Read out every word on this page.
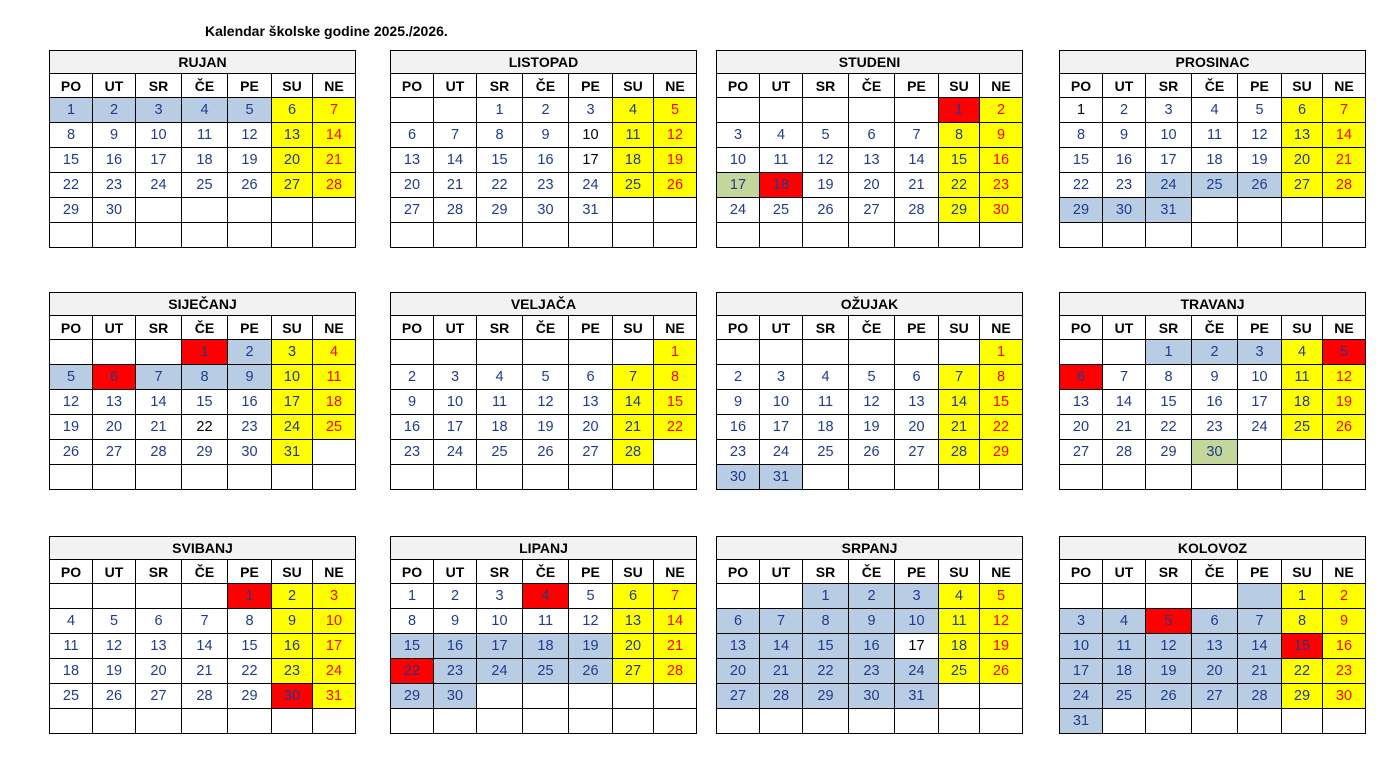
Kalendar školske godine 2025./2026.
RUJAN						
PO	UT	SR	ČE	PE	SU	NE
1	2	3	4	5	6	7
8	9	10	11	12	13	14
15	16	17	18	19	20	21
22	23	24	25	26	27	28
29	30					

LISTOPAD						
PO	UT	SR	ČE	PE	SU	NE
		1	2	3	4	5
6	7	8	9	10	11	12
13	14	15	16	17	18	19
20	21	22	23	24	25	26
27	28	29	30	31		

STUDENI						
PO	UT	SR	ČE	PE	SU	NE
					1	2
3	4	5	6	7	8	9
10	11	12	13	14	15	16
17	18	19	20	21	22	23
24	25	26	27	28	29	30

PROSINAC						
PO	UT	SR	ČE	PE	SU	NE
1	2	3	4	5	6	7
8	9	10	11	12	13	14
15	16	17	18	19	20	21
22	23	24	25	26	27	28
29	30	31				

SIJEČANJ						
PO	UT	SR	ČE	PE	SU	NE
			1	2	3	4
5	6	7	8	9	10	11
12	13	14	15	16	17	18
19	20	21	22	23	24	25
26	27	28	29	30	31	

VELJAČA						
PO	UT	SR	ČE	PE	SU	NE
						1
2	3	4	5	6	7	8
9	10	11	12	13	14	15
16	17	18	19	20	21	22
23	24	25	26	27	28	

OŽUJAK						
PO	UT	SR	ČE	PE	SU	NE
						1
2	3	4	5	6	7	8
9	10	11	12	13	14	15
16	17	18	19	20	21	22
23	24	25	26	27	28	29
30	31					
TRAVANJ						
PO	UT	SR	ČE	PE	SU	NE
		1	2	3	4	5
6	7	8	9	10	11	12
13	14	15	16	17	18	19
20	21	22	23	24	25	26
27	28	29	30			

SVIBANJ						
PO	UT	SR	ČE	PE	SU	NE
				1	2	3
4	5	6	7	8	9	10
11	12	13	14	15	16	17
18	19	20	21	22	23	24
25	26	27	28	29	30	31

LIPANJ						
PO	UT	SR	ČE	PE	SU	NE
1	2	3	4	5	6	7
8	9	10	11	12	13	14
15	16	17	18	19	20	21
22	23	24	25	26	27	28
29	30					

SRPANJ						
PO	UT	SR	ČE	PE	SU	NE
		1	2	3	4	5
6	7	8	9	10	11	12
13	14	15	16	17	18	19
20	21	22	23	24	25	26
27	28	29	30	31		

KOLOVOZ						
PO	UT	SR	ČE	PE	SU	NE
					1	2
3	4	5	6	7	8	9
10	11	12	13	14	15	16
17	18	19	20	21	22	23
24	25	26	27	28	29	30
31						
